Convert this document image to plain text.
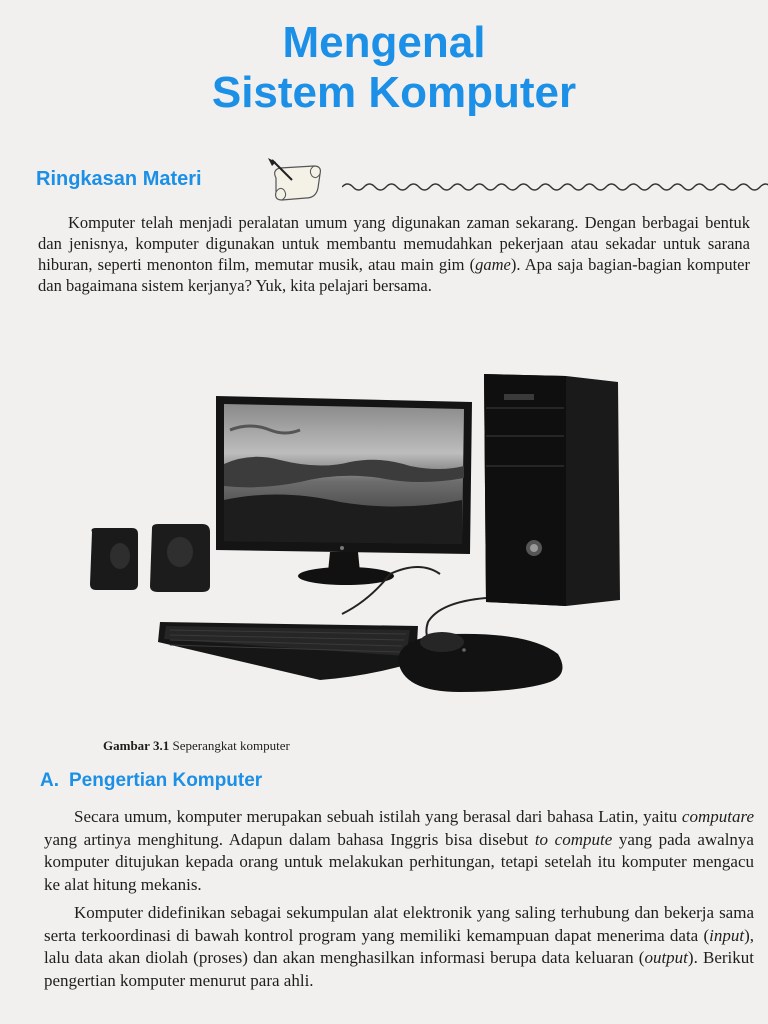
Mengenal
Sistem Komputer
Ringkasan Materi

Komputer telah menjadi peralatan umum yang digunakan zaman sekarang. Dengan berbagai bentuk dan jenisnya, komputer digunakan untuk membantu memudahkan pekerjaan atau sekadar untuk sarana hiburan, seperti menonton film, memutar musik, atau main gim (game). Apa saja bagian-bagian komputer dan bagaimana sistem kerjanya? Yuk, kita pelajari bersama.

Gambar 3.1 Seperangkat komputer
A. Pengertian Komputer

Secara umum, komputer merupakan sebuah istilah yang berasal dari bahasa Latin, yaitu computare yang artinya menghitung. Adapun dalam bahasa Inggris bisa disebut to compute yang pada awalnya komputer ditujukan kepada orang untuk melakukan perhitungan, tetapi setelah itu komputer mengacu ke alat hitung mekanis.

Komputer didefinikan sebagai sekumpulan alat elektronik yang saling terhubung dan bekerja sama serta terkoordinasi di bawah kontrol program yang memiliki kemampuan dapat menerima data (input), lalu data akan diolah (proses) dan akan menghasilkan informasi berupa data keluaran (output). Berikut pengertian komputer menurut para ahli.
